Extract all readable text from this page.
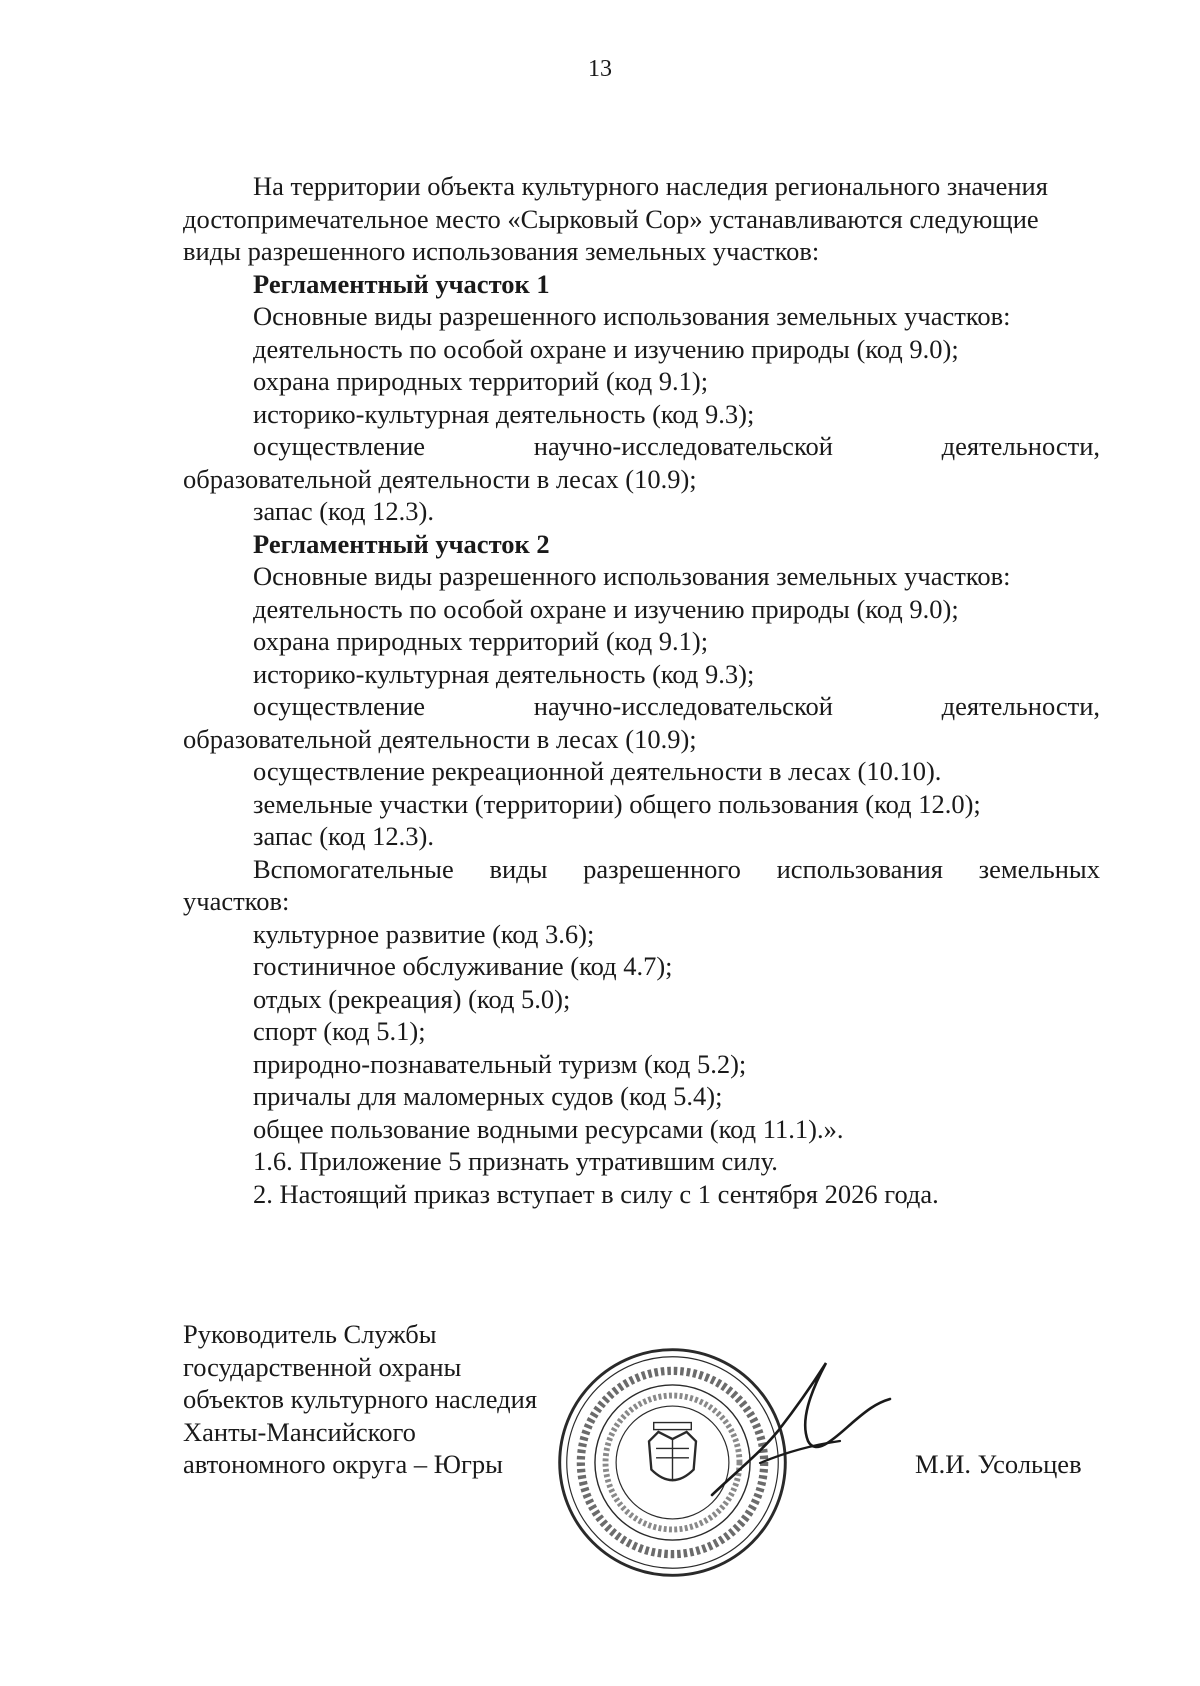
13

На территории объекта культурного наследия регионального значения

достопримечательное место «Сырковый Сор» устанавливаются следующие

виды разрешенного использования земельных участков:

Регламентный участок 1

Основные виды разрешенного использования земельных участков:

деятельность по особой охране и изучению природы (код 9.0);

охрана природных территорий (код 9.1);

историко-культурная деятельность (код 9.3);

осуществление научно-исследовательской деятельности,

образовательной деятельности в лесах (10.9);

запас (код 12.3).

Регламентный участок 2

Основные виды разрешенного использования земельных участков:

деятельность по особой охране и изучению природы (код 9.0);

охрана природных территорий (код 9.1);

историко-культурная деятельность (код 9.3);

осуществление научно-исследовательской деятельности,

образовательной деятельности в лесах (10.9);

осуществление рекреационной деятельности в лесах (10.10).

земельные участки (территории) общего пользования (код 12.0);

запас (код 12.3).

Вспомогательные виды разрешенного использования земельных

участков:

культурное развитие (код 3.6);

гостиничное обслуживание (код 4.7);

отдых (рекреация) (код 5.0);

спорт (код 5.1);

природно-познавательный туризм (код 5.2);

причалы для маломерных судов (код 5.4);

общее пользование водными ресурсами (код 11.1).».

1.6. Приложение 5 признать утратившим силу.

2. Настоящий приказ вступает в силу с 1 сентября 2026 года.

Руководитель Службы
государственной охраны
объектов культурного наследия
Ханты-Мансийского
автономного округа – Югры	М.И. Усольцев
